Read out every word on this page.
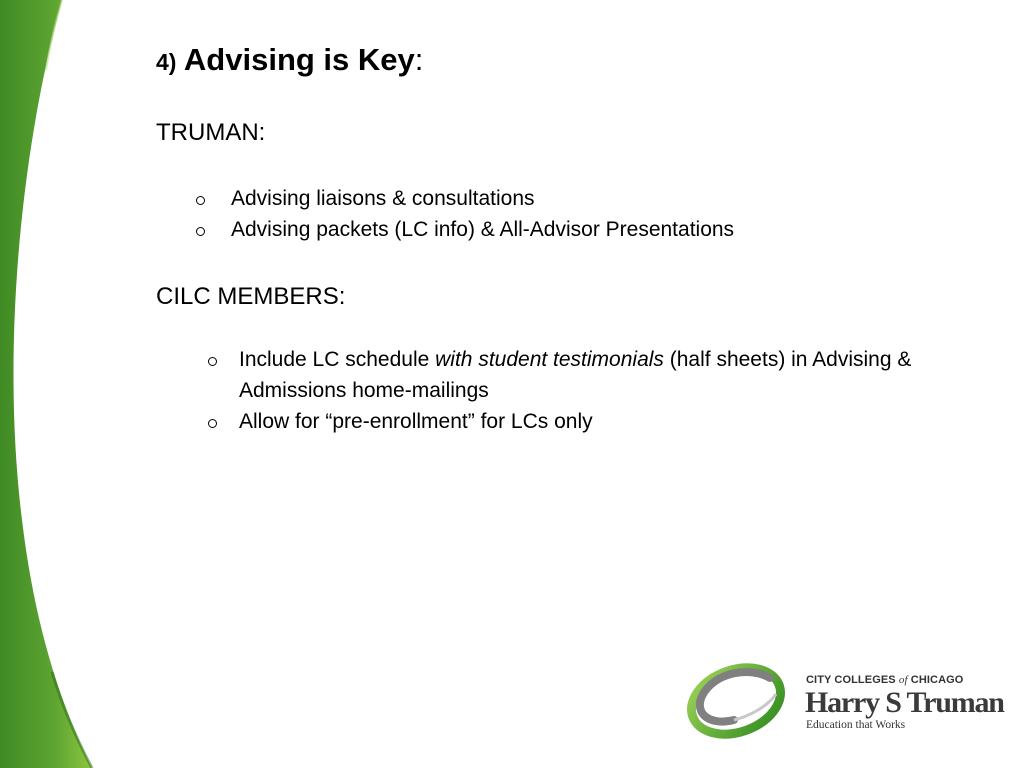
4) Advising is Key:
TRUMAN:
Advising liaisons & consultations
Advising packets (LC info) & All-Advisor Presentations
CILC MEMBERS:
Include LC schedule with student testimonials (half sheets) in Advising & Admissions home-mailings
Allow for “pre-enrollment” for LCs only
CITY COLLEGES of CHICAGO
Harry S Truman
Education that Works
